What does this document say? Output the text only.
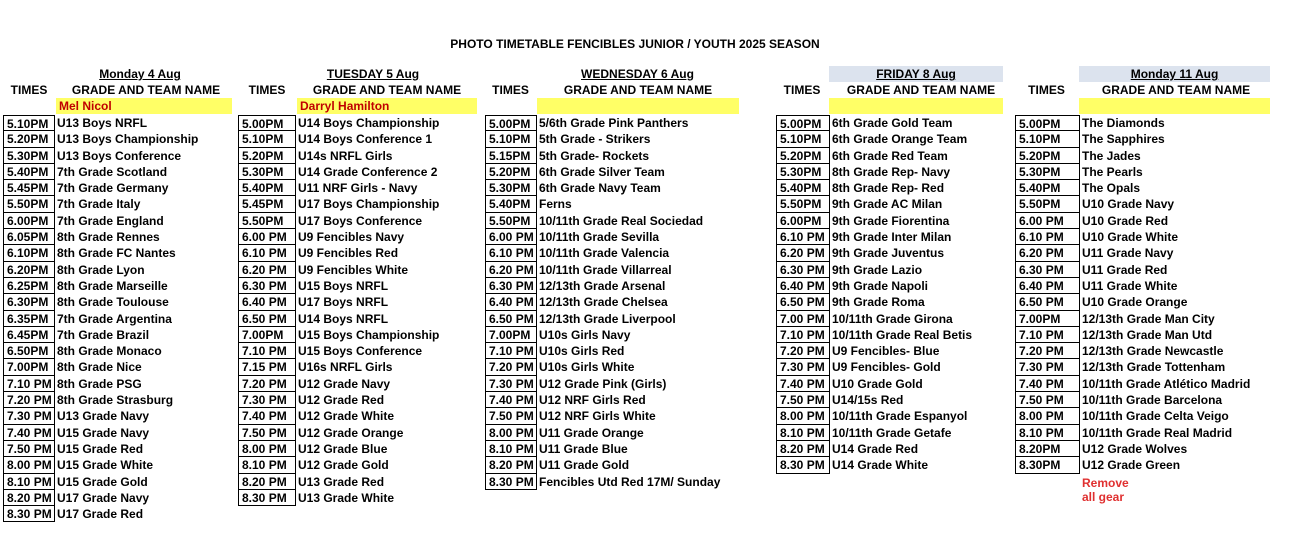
PHOTO TIMETABLE FENCIBLES JUNIOR / YOUTH 2025 SEASON
Monday 4 Aug
TIMES	GRADE AND TEAM NAME
Mel Nicol
5.10PM U13 Boys NRFL
5.20PM U13 Boys Championship
5.30PM U13 Boys Conference
5.40PM 7th Grade Scotland
5.45PM 7th Grade Germany
5.50PM 7th Grade Italy
6.00PM 7th Grade England
6.05PM 8th Grade Rennes
6.10PM 8th Grade FC Nantes
6.20PM 8th Grade Lyon
6.25PM 8th Grade Marseille
6.30PM 8th Grade Toulouse
6.35PM 7th Grade Argentina
6.45PM 7th Grade Brazil
6.50PM 8th Grade Monaco
7.00PM 8th Grade Nice
7.10 PM 8th Grade PSG
7.20 PM 8th Grade Strasburg
7.30 PM U13 Grade Navy
7.40 PM U15 Grade Navy
7.50 PM U15 Grade Red
8.00 PM U15 Grade White
8.10 PM U15 Grade Gold
8.20 PM U17 Grade Navy
8.30 PM U17 Grade Red
TUESDAY 5 Aug
TIMES	GRADE AND TEAM NAME
Darryl Hamilton
5.00PM	U14 Boys Championship
5.10PM	U14 Boys Conference 1
5.20PM	U14s NRFL Girls
5.30PM	U14 Grade Conference 2
5.40PM	U11 NRF Girls - Navy
5.45PM	U17 Boys Championship
5.50PM	U17 Boys Conference
6.00 PM U9 Fencibles Navy
6.10 PM U9 Fencibles Red
6.20 PM U9 Fencibles White
6.30 PM U15 Boys NRFL
6.40 PM U17 Boys NRFL
6.50 PM U14 Boys NRFL
7.00PM	U15 Boys Championship
7.10 PM U15 Boys Conference
7.15 PM U16s NRFL Girls
7.20 PM U12 Grade Navy
7.30 PM U12 Grade Red
7.40 PM U12 Grade White
7.50 PM U12 Grade Orange
8.00 PM U12 Grade Blue
8.10 PM U12 Grade Gold
8.20 PM U13 Grade Red
8.30 PM U13 Grade White
WEDNESDAY 6 Aug
TIMES	GRADE AND TEAM NAME
5.00PM 5/6th Grade Pink Panthers
5.10PM 5th Grade - Strikers
5.15PM 5th Grade- Rockets
5.20PM 6th Grade Silver Team
5.30PM 6th Grade Navy Team
5.40PM Ferns
5.50PM 10/11th Grade Real Sociedad
6.00 PM 10/11th Grade Sevilla
6.10 PM 10/11th Grade Valencia
6.20 PM 10/11th Grade Villarreal
6.30 PM 12/13th Grade Arsenal
6.40 PM 12/13th Grade Chelsea
6.50 PM 12/13th Grade Liverpool
7.00PM U10s Girls Navy
7.10 PM U10s Girls Red
7.20 PM U10s Girls White
7.30 PM U12 Grade Pink (Girls)
7.40 PM U12 NRF Girls Red
7.50 PM U12 NRF Girls White
8.00 PM U11 Grade Orange
8.10 PM U11 Grade Blue
8.20 PM U11 Grade Gold
8.30 PM Fencibles Utd Red 17M/ Sunday
FRIDAY 8 Aug
TIMES	GRADE AND TEAM NAME
5.00PM 6th Grade Gold Team
5.10PM 6th Grade Orange Team
5.20PM 6th Grade Red Team
5.30PM 8th Grade Rep- Navy
5.40PM 8th Grade Rep- Red
5.50PM 9th Grade AC Milan
6.00PM 9th Grade Fiorentina
6.10 PM 9th Grade Inter Milan
6.20 PM 9th Grade Juventus
6.30 PM 9th Grade Lazio
6.40 PM 9th Grade Napoli
6.50 PM 9th Grade Roma
7.00 PM 10/11th Grade Girona
7.10 PM 10/11th Grade Real Betis
7.20 PM U9 Fencibles- Blue
7.30 PM U9 Fencibles- Gold
7.40 PM U10 Grade Gold
7.50 PM U14/15s Red
8.00 PM 10/11th Grade Espanyol
8.10 PM 10/11th Grade Getafe
8.20 PM U14 Grade Red
8.30 PM U14 Grade White
Monday 11 Aug
TIMES	GRADE AND TEAM NAME
5.00PM	The Diamonds
5.10PM	The Sapphires
5.20PM	The Jades
5.30PM	The Pearls
5.40PM	The Opals
5.50PM	U10 Grade Navy
6.00 PM	U10 Grade Red
6.10 PM	U10 Grade White
6.20 PM	U11 Grade Navy
6.30 PM	U11 Grade Red
6.40 PM	U11 Grade White
6.50 PM	U10 Grade Orange
7.00PM	12/13th Grade Man City
7.10 PM	12/13th Grade Man Utd
7.20 PM	12/13th Grade Newcastle
7.30 PM	12/13th Grade Tottenham
7.40 PM	10/11th Grade Atlético Madrid
7.50 PM	10/11th Grade Barcelona
8.00 PM	10/11th Grade Celta Veigo
8.10 PM	10/11th Grade Real Madrid
8.20PM	U12 Grade Wolves
8.30PM	U12 Grade Green
Remove all gear
